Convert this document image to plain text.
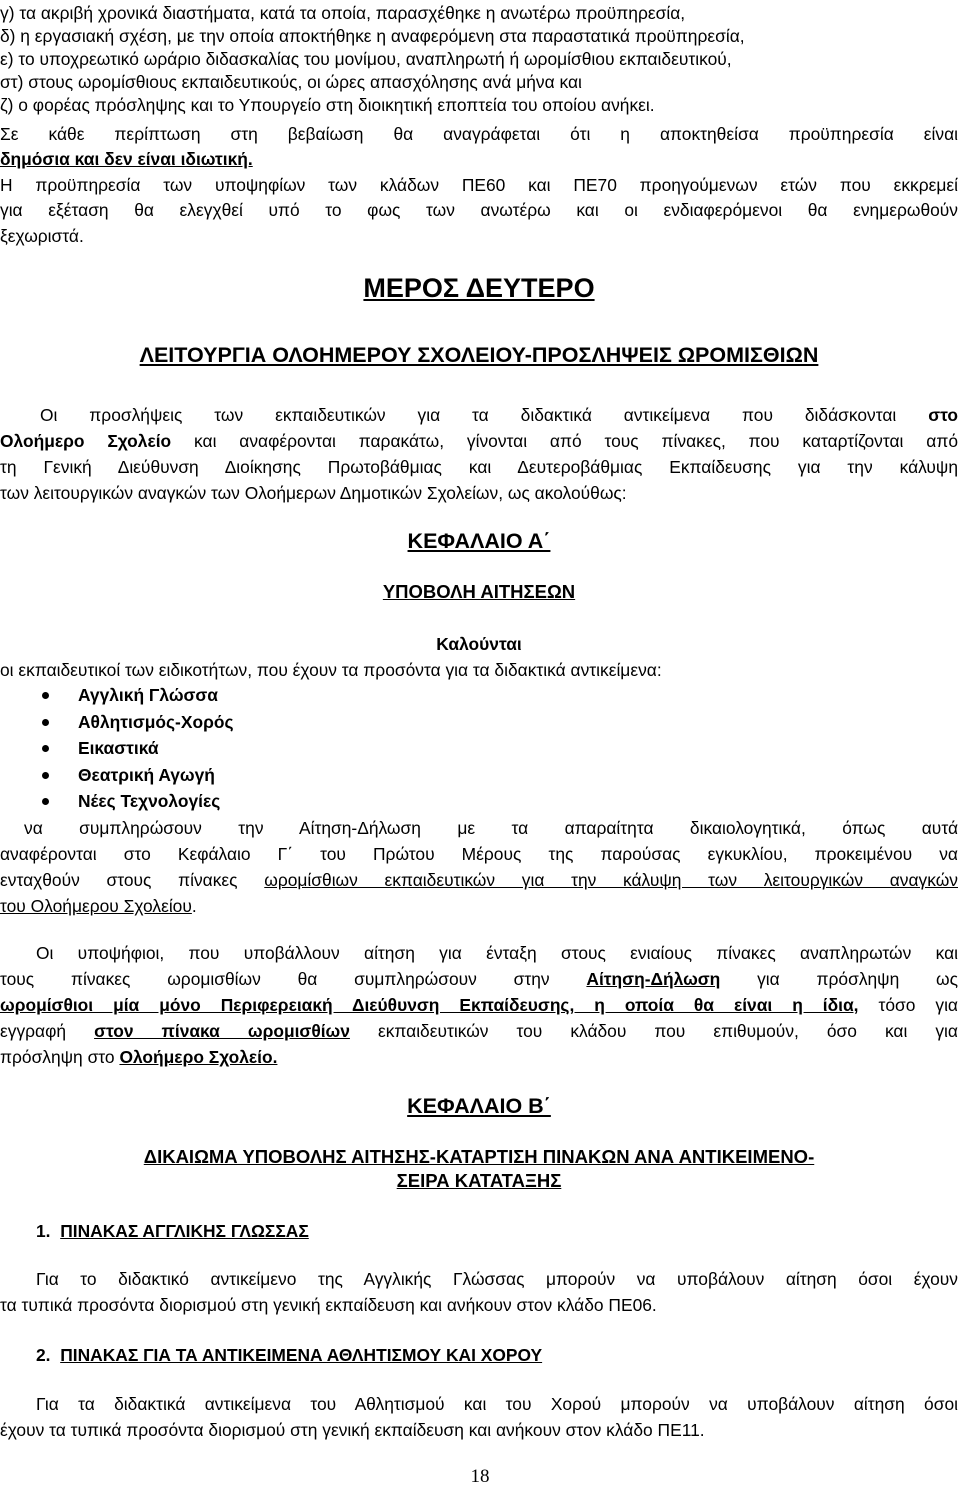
γ) τα ακριβή χρονικά διαστήματα, κατά τα οποία, παρασχέθηκε η ανωτέρω προϋπηρεσία,

δ) η εργασιακή σχέση, με την οποία αποκτήθηκε η αναφερόμενη στα παραστατικά προϋπηρεσία,

ε) το υποχρεωτικό ωράριο διδασκαλίας του μονίμου, αναπληρωτή ή ωρομίσθιου εκπαιδευτικού,

στ) στους ωρομίσθιους εκπαιδευτικούς, οι ώρες απασχόλησης ανά μήνα και

ζ) ο φορέας πρόσληψης και το Υπουργείο στη διοικητική εποπτεία του οποίου ανήκει.

Σε κάθε περίπτωση στη βεβαίωση θα αναγράφεται ότι η αποκτηθείσα προϋπηρεσία είναι

δημόσια και δεν είναι ιδιωτική.

Η προϋπηρεσία των υποψηφίων των κλάδων ΠΕ60 και ΠΕ70 προηγούμενων ετών που εκκρεμεί

για εξέταση θα ελεγχθεί υπό το φως των ανωτέρω και οι ενδιαφερόμενοι θα ενημερωθούν

ξεχωριστά.

ΜΕΡΟΣ ΔΕΥΤΕΡΟ
ΛΕΙΤΟΥΡΓΙΑ ΟΛΟΗΜΕΡΟΥ ΣΧΟΛΕΙΟΥ-ΠΡΟΣΛΗΨΕΙΣ ΩΡΟΜΙΣΘΙΩΝ

Οι προσλήψεις των εκπαιδευτικών για τα διδακτικά αντικείμενα που διδάσκονται στο

Ολοήμερο Σχολείο και αναφέρονται παρακάτω, γίνονται από τους πίνακες, που καταρτίζονται από

τη Γενική Διεύθυνση Διοίκησης Πρωτοβάθμιας και Δευτεροβάθμιας Εκπαίδευσης για την κάλυψη

των λειτουργικών αναγκών των Ολοήμερων Δημοτικών Σχολείων, ως ακολούθως:

ΚΕΦΑΛΑΙΟ Α΄
ΥΠΟΒΟΛΗ ΑΙΤΗΣΕΩΝ
Καλούνται

οι εκπαιδευτικοί των ειδικοτήτων, που έχουν τα προσόντα για τα διδακτικά αντικείμενα:

Αγγλική Γλώσσα
Αθλητισμός-Χορός
Εικαστικά
Θεατρική Αγωγή
Νέες Τεχνολογίες

να συμπληρώσουν την Αίτηση-Δήλωση με τα απαραίτητα δικαιολογητικά, όπως αυτά

αναφέρονται στο Κεφάλαιο Γ΄ του Πρώτου Μέρους της παρούσας εγκυκλίου, προκειμένου να

ενταχθούν στους πίνακες ωρομίσθιων εκπαιδευτικών για την κάλυψη των λειτουργικών αναγκών

του Ολοήμερου Σχολείου.

Οι υποψήφιοι, που υποβάλλουν αίτηση για ένταξη στους ενιαίους πίνακες αναπληρωτών και

τους πίνακες ωρομισθίων θα συμπληρώσουν στην Αίτηση-Δήλωση για πρόσληψη ως

ωρομίσθιοι μία μόνο Περιφερειακή Διεύθυνση Εκπαίδευσης, η οποία θα είναι η ίδια, τόσο για

εγγραφή στον πίνακα ωρομισθίων εκπαιδευτικών του κλάδου που επιθυμούν, όσο και για

πρόσληψη στο Ολοήμερο Σχολείο.

ΚΕΦΑΛΑΙΟ Β΄
ΔΙΚΑΙΩΜΑ ΥΠΟΒΟΛΗΣ ΑΙΤΗΣΗΣ-ΚΑΤΑΡΤΙΣΗ ΠΙΝΑΚΩΝ ΑΝΑ ΑΝΤΙΚΕΙΜΕΝΟ-
ΣΕΙΡΑ ΚΑΤΑΤΑΞΗΣ

1. ΠΙΝΑΚΑΣ ΑΓΓΛΙΚΗΣ ΓΛΩΣΣΑΣ

Για το διδακτικό αντικείμενο της Αγγλικής Γλώσσας μπορούν να υποβάλουν αίτηση όσοι έχουν

τα τυπικά προσόντα διορισμού στη γενική εκπαίδευση και ανήκουν στον κλάδο ΠΕ06.

2. ΠΙΝΑΚΑΣ ΓΙΑ ΤΑ ΑΝΤΙΚΕΙΜΕΝΑ ΑΘΛΗΤΙΣΜΟΥ ΚΑΙ ΧΟΡΟΥ

Για τα διδακτικά αντικείμενα του Αθλητισμού και του Χορού μπορούν να υποβάλουν αίτηση όσοι

έχουν τα τυπικά προσόντα διορισμού στη γενική εκπαίδευση και ανήκουν στον κλάδο ΠΕ11.

18
